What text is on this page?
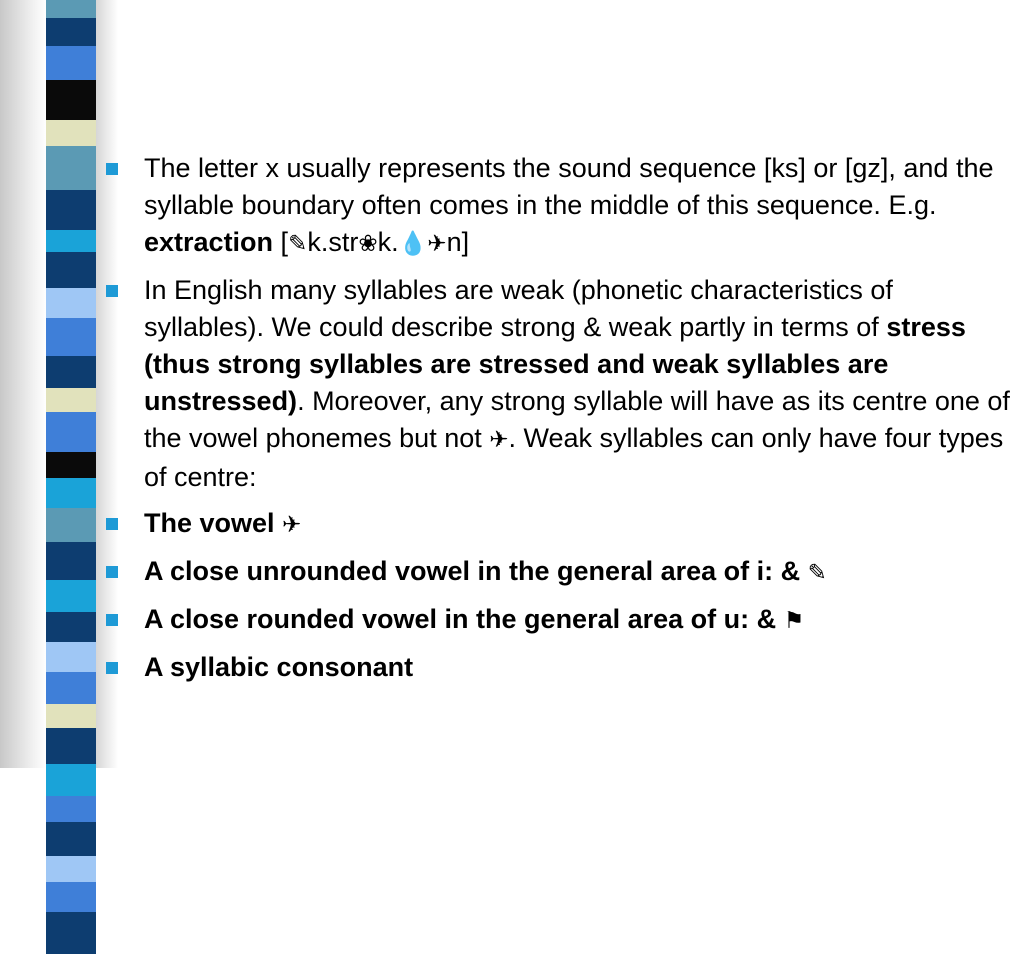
The letter x usually represents the sound sequence [ks] or [gz], and the syllable boundary often comes in the middle of this sequence. E.g. extraction [✎k.str❀k.💧✈n]
In English many syllables are weak (phonetic characteristics of syllables). We could describe strong & weak partly in terms of stress (thus strong syllables are stressed and weak syllables are unstressed). Moreover, any strong syllable will have as its centre one of the vowel phonemes but not ✈. Weak syllables can only have four types of centre:
The vowel ✈
A close unrounded vowel in the general area of i: & ✎
A close rounded vowel in the general area of u: & ⚑
A syllabic consonant
